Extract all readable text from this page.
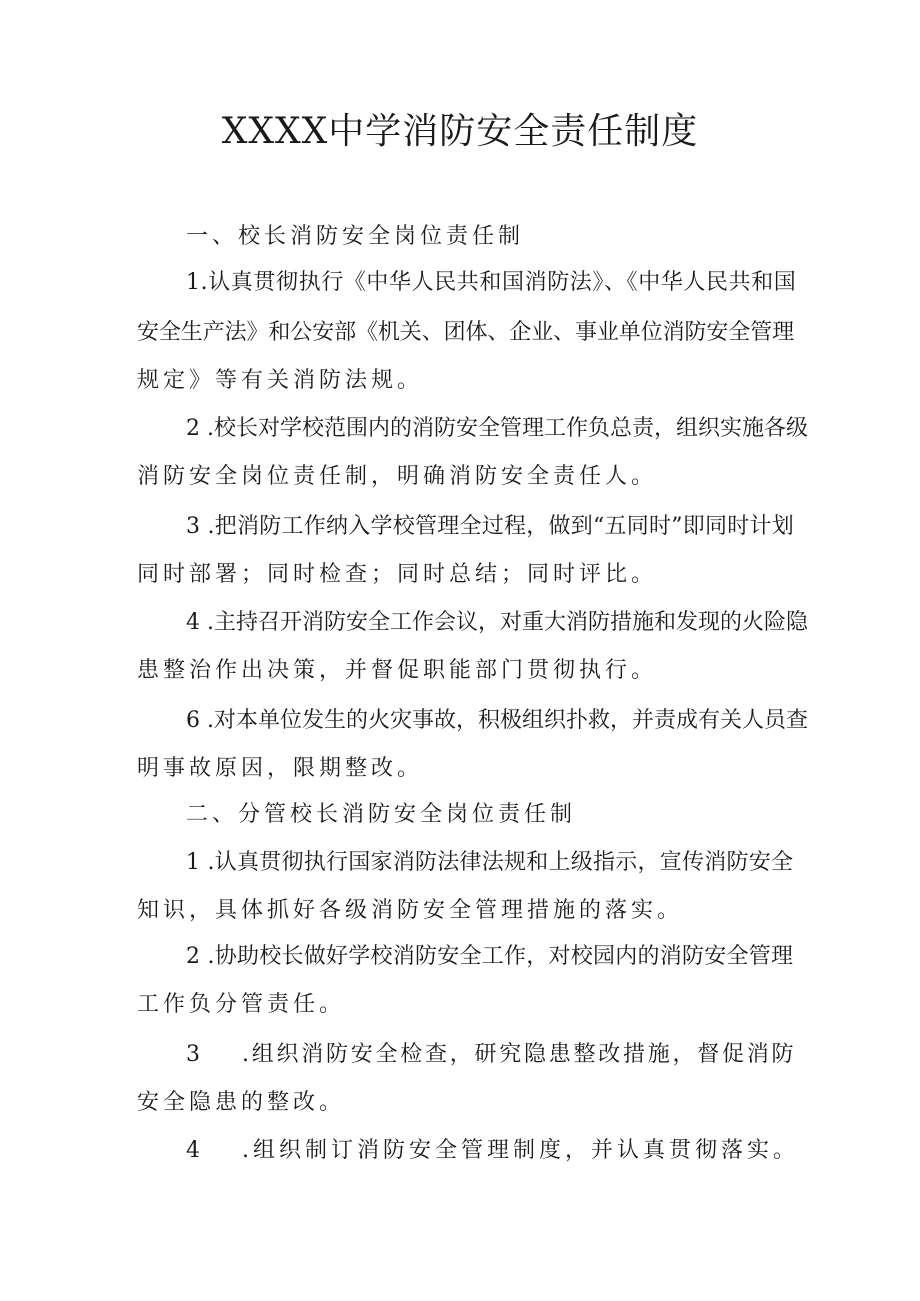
XXXX中学消防安全责任制度

一、校长消防安全岗位责任制

1.认真贯彻执行《中华人民共和国消防法》、《中华人民共和国

安全生产法》和公安部《机关、团体、企业、事业单位消防安全管理

规定》等有关消防法规。

2 .校长对学校范围内的消防安全管理工作负总责，组织实施各级

消防安全岗位责任制，明确消防安全责任人。

3 .把消防工作纳入学校管理全过程，做到“五同时”即同时计划

同时部署；同时检查；同时总结；同时评比。

4 .主持召开消防安全工作会议，对重大消防措施和发现的火险隐

患整治作出决策，并督促职能部门贯彻执行。

6 .对本单位发生的火灾事故，积极组织扑救，并责成有关人员查

明事故原因，限期整改。

二、分管校长消防安全岗位责任制

1 .认真贯彻执行国家消防法律法规和上级指示，宣传消防安全

知识，具体抓好各级消防安全管理措施的落实。

2 .协助校长做好学校消防安全工作，对校园内的消防安全管理

工作负分管责任。

3 .组织消防安全检查，研究隐患整改措施，督促消防

安全隐患的整改。

4 .组织制订消防安全管理制度，并认真贯彻落实。
